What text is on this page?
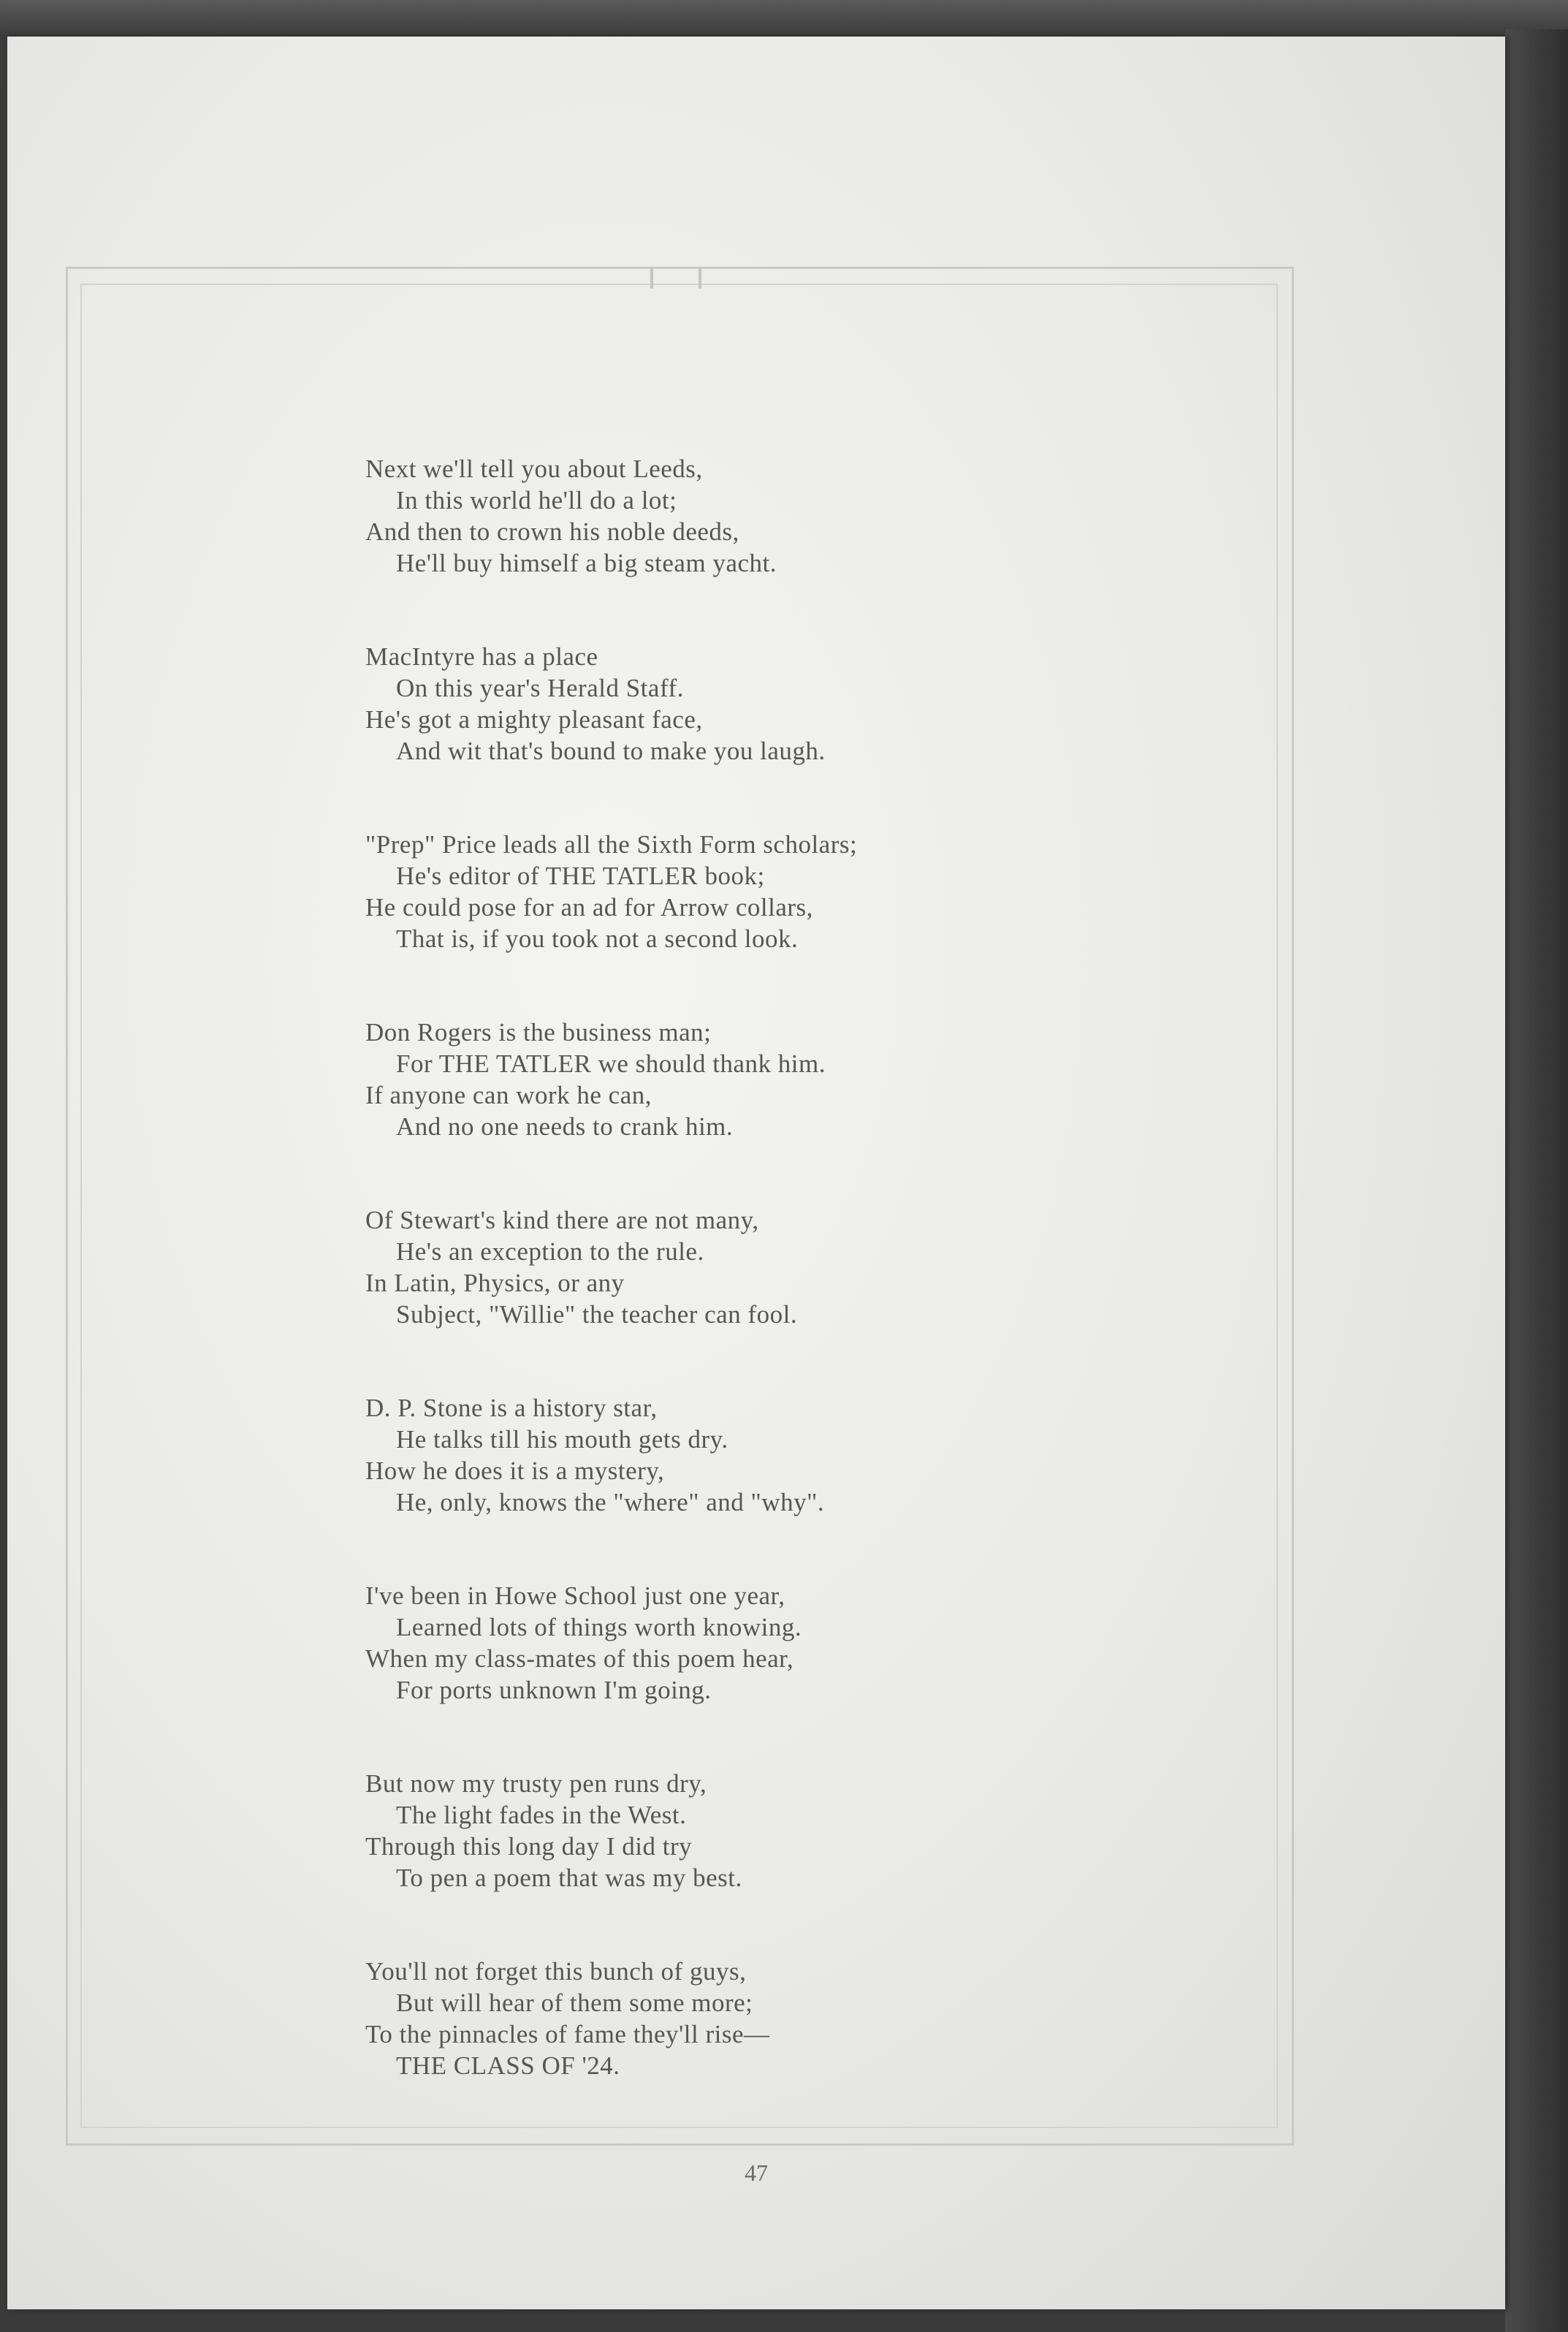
Next we'll tell you about Leeds,
In this world he'll do a lot;
And then to crown his noble deeds,
He'll buy himself a big steam yacht.
MacIntyre has a place
On this year's Herald Staff.
He's got a mighty pleasant face,
And wit that's bound to make you laugh.
"Prep" Price leads all the Sixth Form scholars;
He's editor of THE TATLER book;
He could pose for an ad for Arrow collars,
That is, if you took not a second look.
Don Rogers is the business man;
For THE TATLER we should thank him.
If anyone can work he can,
And no one needs to crank him.
Of Stewart's kind there are not many,
He's an exception to the rule.
In Latin, Physics, or any
Subject, "Willie" the teacher can fool.
D. P. Stone is a history star,
He talks till his mouth gets dry.
How he does it is a mystery,
He, only, knows the "where" and "why".
I've been in Howe School just one year,
Learned lots of things worth knowing.
When my class-mates of this poem hear,
For ports unknown I'm going.
But now my trusty pen runs dry,
The light fades in the West.
Through this long day I did try
To pen a poem that was my best.
You'll not forget this bunch of guys,
But will hear of them some more;
To the pinnacles of fame they'll rise—
THE CLASS OF '24.
47
